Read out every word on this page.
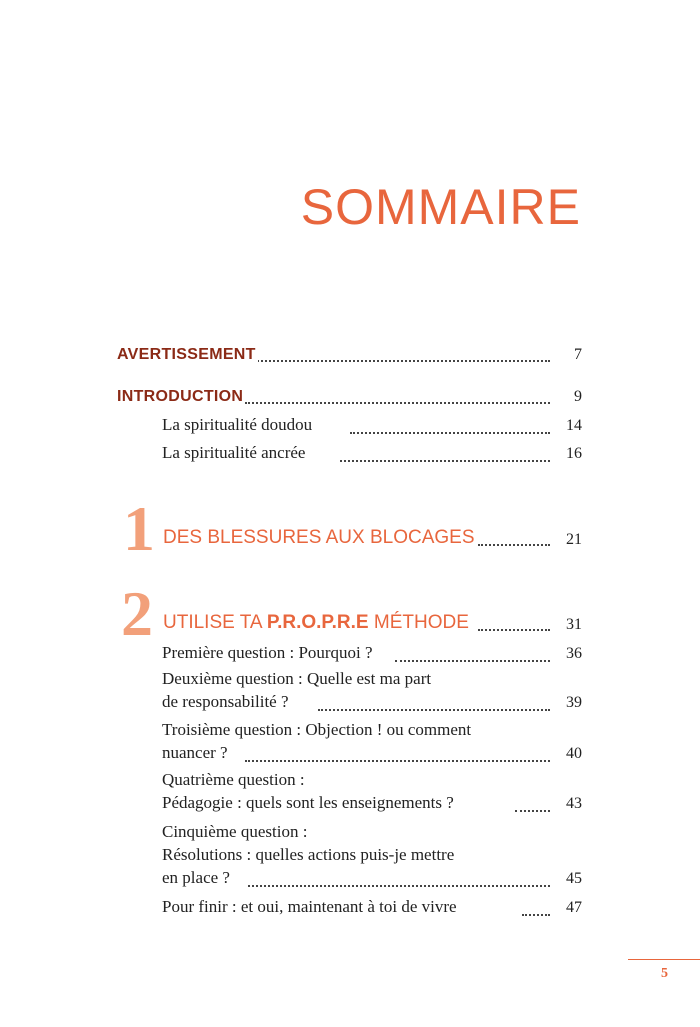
SOMMAIRE
AVERTISSEMENT	7
INTRODUCTION	9
La spiritualité doudou	14
La spiritualité ancrée	16
1 DES BLESSURES AUX BLOCAGES	21
2 UTILISE TA P.R.O.P.R.E MÉTHODE	31
Première question : Pourquoi ?	36
Deuxième question : Quelle est ma part
de responsabilité ?	39
Troisième question : Objection ! ou comment
nuancer ?	40
Quatrième question :
Pédagogie : quels sont les enseignements ?	43
Cinquième question :
Résolutions : quelles actions puis-je mettre
en place ?	45
Pour finir : et oui, maintenant à toi de vivre	47
5
